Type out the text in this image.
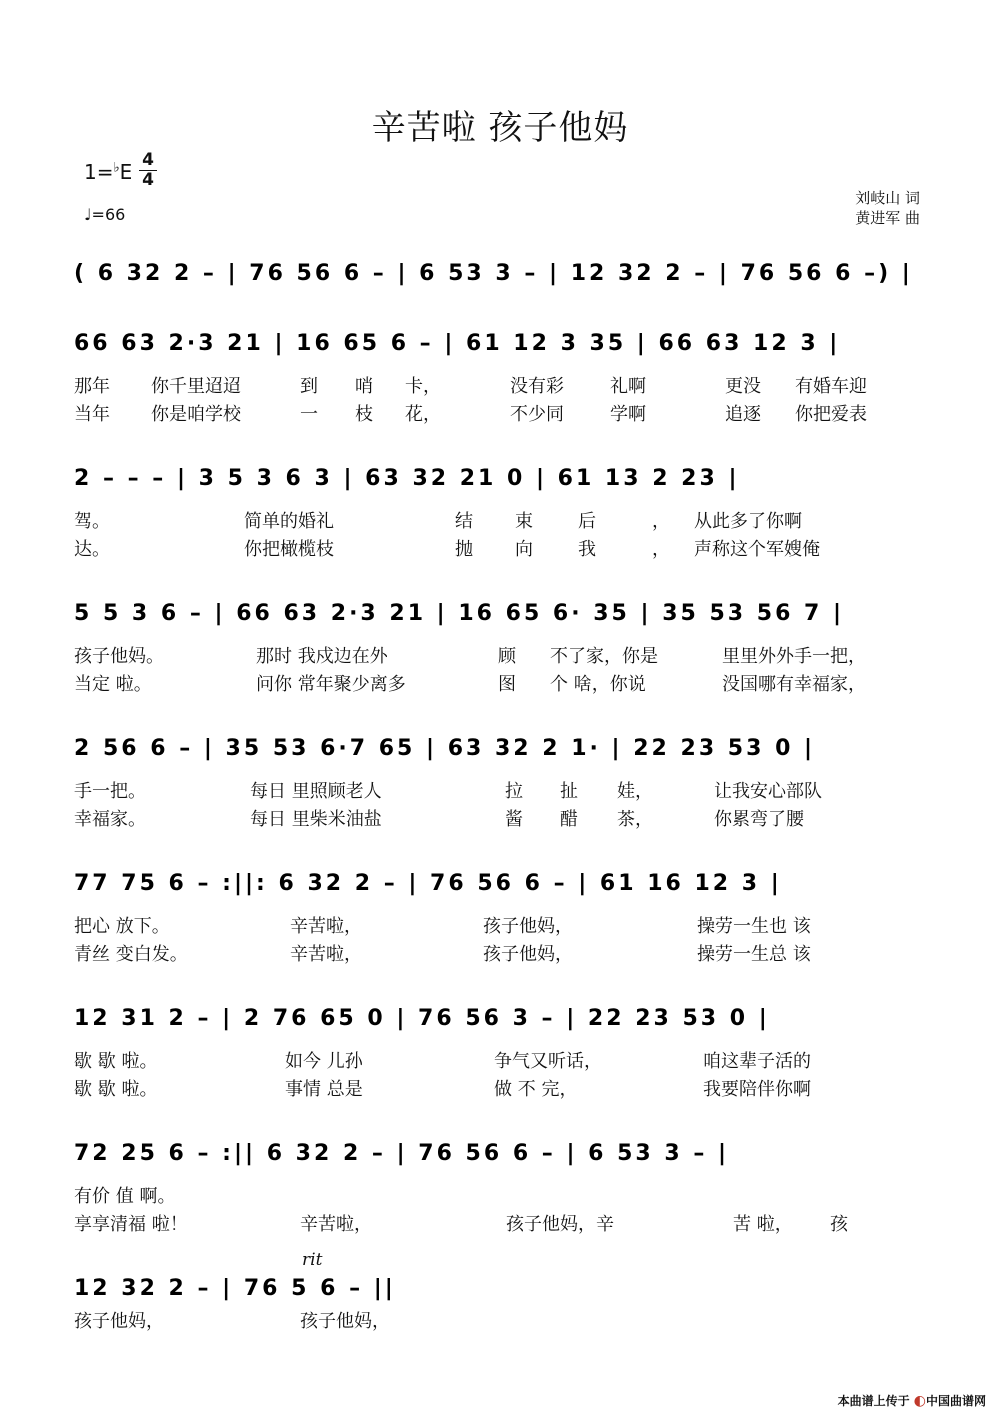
辛苦啦 孩子他妈
$1=^♭E \frac{4}{4}$
♩=66
刘岐山 词
黄进军 曲
rit
( 6 32 2 – | 76 56 6 – | 6 53 3 – | 12 32 2 – | 76 56 6 –) |
66 63 2·3 21 | 16 65 6 – | 61 12 3 35 | 66 63 12 3 |
那年 你千里迢迢	到 哨 卡，	没有彩	礼啊	更没 有婚车迎
当年 你是咱学校	一 枝 花，	不少同	学啊	追逐 你把爱表
2 – – – | 3 5 3 6 3 | 63 32 21 0 | 61 13 2 23 |
驾。	简单的婚礼	结 束	后	， 从此多了你啊
达。	你把橄榄枝	抛 向	我	， 声称这个军嫂俺
5 5 3 6 – | 66 63 2·3 21 | 16 65 6· 35 | 35 53 56 7 |
孩子他妈。	那时 我戍边在外	顾 不了家，你是	里里外外手一把，
当定 啦。	问你 常年聚少离多	图 个 啥，你说	没国哪有幸福家，
2 56 6 – | 35 53 6·7 65 | 63 32 2 1· | 22 23 53 0 |
手一把。	每日 里照顾老人	拉 扯 娃，	让我安心部队
幸福家。	每日 里柴米油盐	酱 醋 茶，	你累弯了腰
77 75 6 – :||: 6 32 2 – | 76 56 6 – | 61 16 12 3 |
把心 放下。	辛苦啦，	孩子他妈，	操劳一生也 该
青丝 变白发。	辛苦啦，	孩子他妈，	操劳一生总 该
12 31 2 – | 2 76 65 0 | 76 56 3 – | 22 23 53 0 |
歇 歇 啦。	如今 儿孙	争气又听话，	咱这辈子活的
歇 歇 啦。	事情 总是	做 不 完，	我要陪伴你啊
72 25 6 – :|| 6 32 2 – | 76 56 6 – | 6 53 3 – |
有价 值 啊。
享享清福 啦！	辛苦啦，	孩子他妈，辛	苦 啦， 孩
12 32 2 – | 76 5 6 – ||
孩子他妈，	孩子他妈，
本曲谱上传于 ◐中国曲谱网
